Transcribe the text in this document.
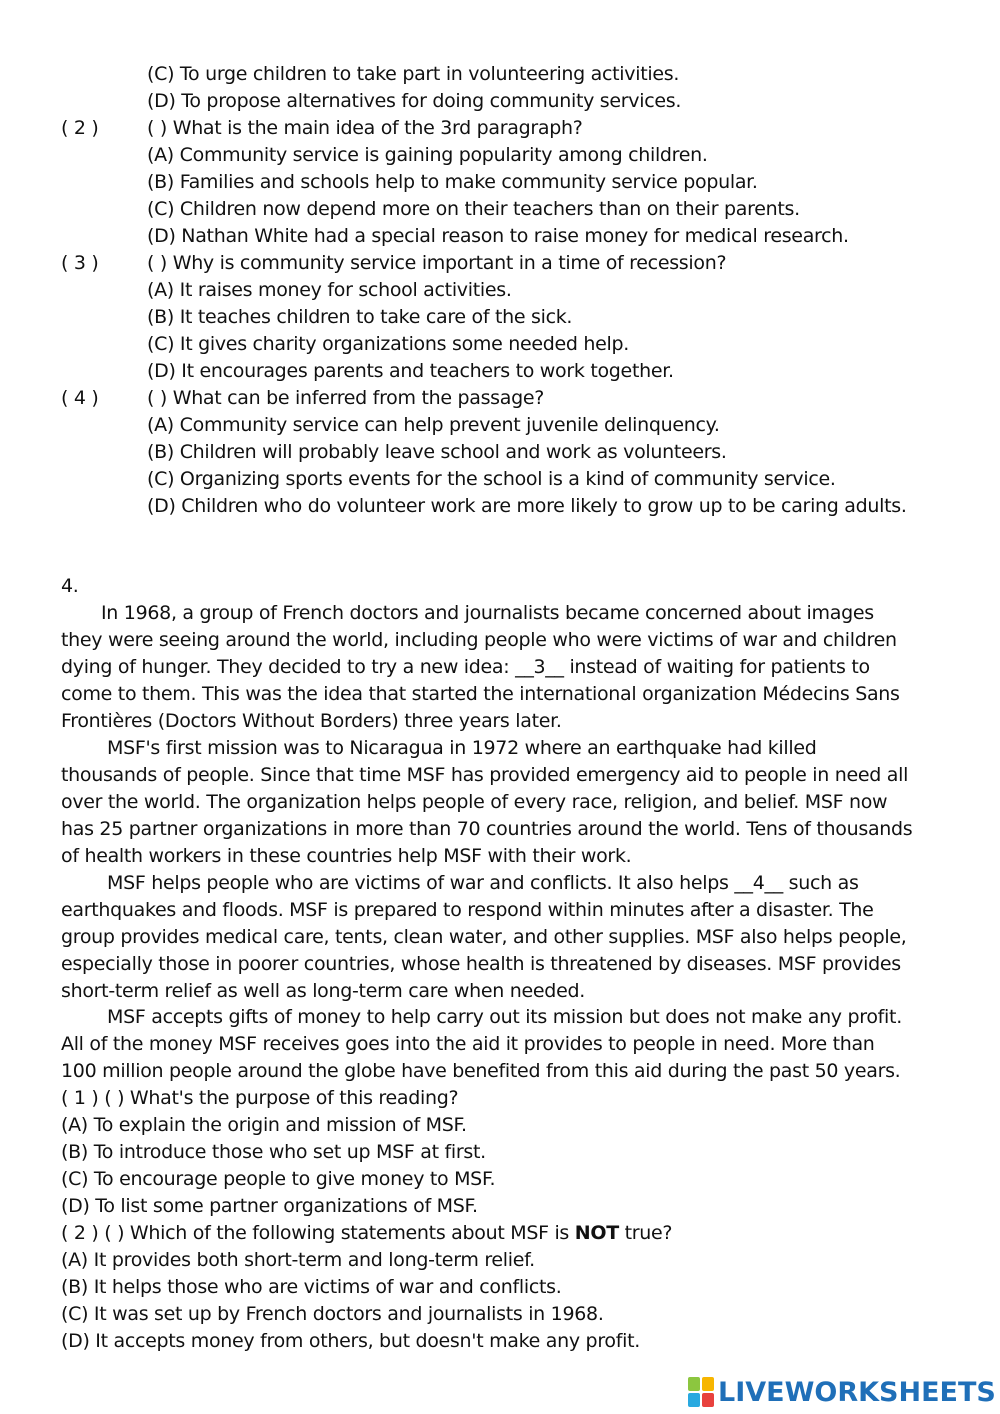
(C) To urge children to take part in volunteering activities.
(D) To propose alternatives for doing community services.
( 2 )	( ) What is the main idea of the 3rd paragraph?
(A) Community service is gaining popularity among children.
(B) Families and schools help to make community service popular.
(C) Children now depend more on their teachers than on their parents.
(D) Nathan White had a special reason to raise money for medical research.
( 3 )	( ) Why is community service important in a time of recession?
(A) It raises money for school activities.
(B) It teaches children to take care of the sick.
(C) It gives charity organizations some needed help.
(D) It encourages parents and teachers to work together.
( 4 )	( ) What can be inferred from the passage?
(A) Community service can help prevent juvenile delinquency.
(B) Children will probably leave school and work as volunteers.
(C) Organizing sports events for the school is a kind of community service.
(D) Children who do volunteer work are more likely to grow up to be caring adults.
4.
In 1968, a group of French doctors and journalists became concerned about images
they were seeing around the world, including people who were victims of war and children
dying of hunger. They decided to try a new idea: __3__ instead of waiting for patients to
come to them. This was the idea that started the international organization Médecins Sans
Frontières (Doctors Without Borders) three years later.
MSF's first mission was to Nicaragua in 1972 where an earthquake had killed
thousands of people. Since that time MSF has provided emergency aid to people in need all
over the world. The organization helps people of every race, religion, and belief. MSF now
has 25 partner organizations in more than 70 countries around the world. Tens of thousands
of health workers in these countries help MSF with their work.
MSF helps people who are victims of war and conflicts. It also helps __4__ such as
earthquakes and floods. MSF is prepared to respond within minutes after a disaster. The
group provides medical care, tents, clean water, and other supplies. MSF also helps people,
especially those in poorer countries, whose health is threatened by diseases. MSF provides
short-term relief as well as long-term care when needed.
MSF accepts gifts of money to help carry out its mission but does not make any profit.
All of the money MSF receives goes into the aid it provides to people in need. More than
100 million people around the globe have benefited from this aid during the past 50 years.
( 1 ) ( ) What's the purpose of this reading?
(A) To explain the origin and mission of MSF.
(B) To introduce those who set up MSF at first.
(C) To encourage people to give money to MSF.
(D) To list some partner organizations of MSF.
( 2 ) ( ) Which of the following statements about MSF is NOT true?
(A) It provides both short-term and long-term relief.
(B) It helps those who are victims of war and conflicts.
(C) It was set up by French doctors and journalists in 1968.
(D) It accepts money from others, but doesn't make any profit.
LIVEWORKSHEETS
